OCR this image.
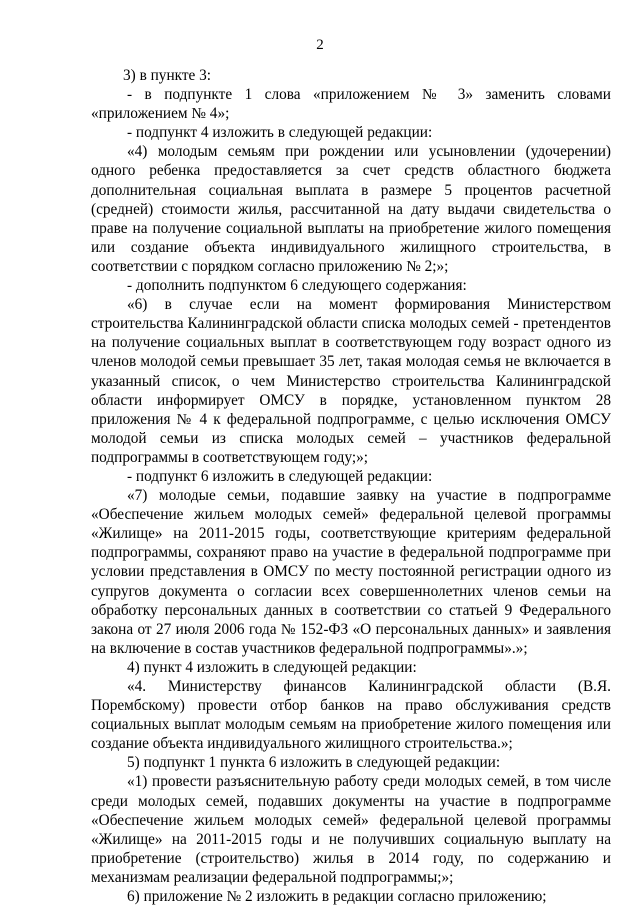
2

3) в пункте 3:

- в подпункте 1 слова «приложением № 3» заменить словами «приложением № 4»;

- подпункт 4 изложить в следующей редакции:

«4) молодым семьям при рождении или усыновлении (удочерении) одного ребенка предоставляется за счет средств областного бюджета дополнительная социальная выплата в размере 5 процентов расчетной (средней) стоимости жилья, рассчитанной на дату выдачи свидетельства о праве на получение социальной выплаты на приобретение жилого помещения или создание объекта индивидуального жилищного строительства, в соответствии с порядком согласно приложению № 2;»;

- дополнить подпунктом 6 следующего содержания:

«6) в случае если на момент формирования Министерством строительства Калининградской области списка молодых семей - претендентов на получение социальных выплат в соответствующем году возраст одного из членов молодой семьи превышает 35 лет, такая молодая семья не включается в указанный список, о чем Министерство строительства Калининградской области информирует ОМСУ в порядке, установленном пунктом 28 приложения № 4 к федеральной подпрограмме, с целью исключения ОМСУ молодой семьи из списка молодых семей – участников федеральной подпрограммы в соответствующем году;»;

- подпункт 6 изложить в следующей редакции:

«7) молодые семьи, подавшие заявку на участие в подпрограмме «Обеспечение жильем молодых семей» федеральной целевой программы «Жилище» на 2011-2015 годы, соответствующие критериям федеральной подпрограммы, сохраняют право на участие в федеральной подпрограмме при условии представления в ОМСУ по месту постоянной регистрации одного из супругов документа о согласии всех совершеннолетних членов семьи на обработку персональных данных в соответствии со статьей 9 Федерального закона от 27 июля 2006 года № 152-ФЗ «О персональных данных» и заявления на включение в состав участников федеральной подпрограммы».»;

4) пункт 4 изложить в следующей редакции:

«4. Министерству финансов Калининградской области (В.Я. Порембскому) провести отбор банков на право обслуживания средств социальных выплат молодым семьям на приобретение жилого помещения или создание объекта индивидуального жилищного строительства.»;

5) подпункт 1 пункта 6 изложить в следующей редакции:

«1) провести разъяснительную работу среди молодых семей, в том числе среди молодых семей, подавших документы на участие в подпрограмме «Обеспечение жильем молодых семей» федеральной целевой программы «Жилище» на 2011-2015 годы и не получивших социальную выплату на приобретение (строительство) жилья в 2014 году, по содержанию и механизмам реализации федеральной подпрограммы;»;

6) приложение № 2 изложить в редакции согласно приложению;
